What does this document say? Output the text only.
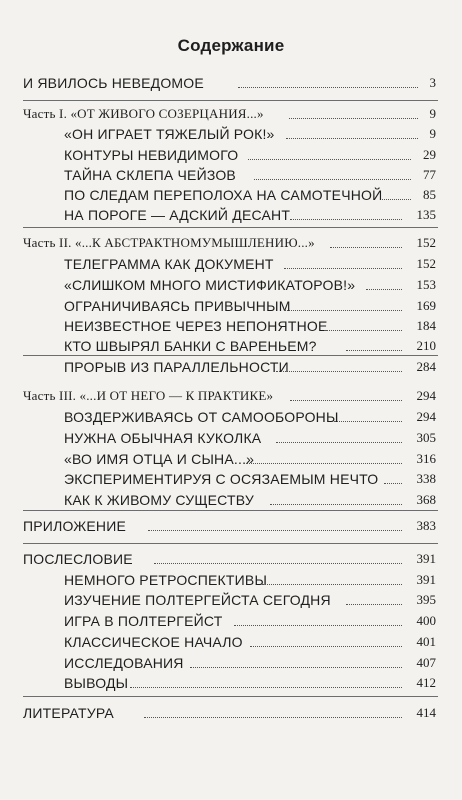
Содержание
И ЯВИЛОСЬ НЕВЕДОМОЕ	3
Часть I. «ОТ ЖИВОГО СОЗЕРЦАНИЯ...»	9
«ОН ИГРАЕТ ТЯЖЕЛЫЙ РОК!»	9
КОНТУРЫ НЕВИДИМОГО	29
ТАЙНА СКЛЕПА ЧЕЙЗОВ	77
ПО СЛЕДАМ ПЕРЕПОЛОХА НА САМОТЕЧНОЙ	85
НА ПОРОГЕ — АДСКИЙ ДЕСАНТ	135
Часть II. «...К АБСТРАКТНОМУМЫШЛЕНИЮ...»	152
ТЕЛЕГРАММА КАК ДОКУМЕНТ	152
«СЛИШКОМ МНОГО МИСТИФИКАТОРОВ!»	153
ОГРАНИЧИВАЯСЬ ПРИВЫЧНЫМ	169
НЕИЗВЕСТНОЕ ЧЕРЕЗ НЕПОНЯТНОЕ	184
КТО ШВЫРЯЛ БАНКИ С ВАРЕНЬЕМ?	210
ПРОРЫВ ИЗ ПАРАЛЛЕЛЬНОСТИ	284
Часть III. «...И ОТ НЕГО — К ПРАКТИКЕ»	294
ВОЗДЕРЖИВАЯСЬ ОТ САМООБОРОНЫ	294
НУЖНА ОБЫЧНАЯ КУКОЛКА	305
«ВО ИМЯ ОТЦА И СЫНА...»	316
ЭКСПЕРИМЕНТИРУЯ С ОСЯЗАЕМЫМ НЕЧТО	338
КАК К ЖИВОМУ СУЩЕСТВУ	368
ПРИЛОЖЕНИЕ	383
ПОСЛЕСЛОВИЕ	391
НЕМНОГО РЕТРОСПЕКТИВЫ	391
ИЗУЧЕНИЕ ПОЛТЕРГЕЙСТА СЕГОДНЯ	395
ИГРА В ПОЛТЕРГЕЙСТ	400
КЛАССИЧЕСКОЕ НАЧАЛО	401
ИССЛЕДОВАНИЯ	407
ВЫВОДЫ	412
ЛИТЕРАТУРА	414
